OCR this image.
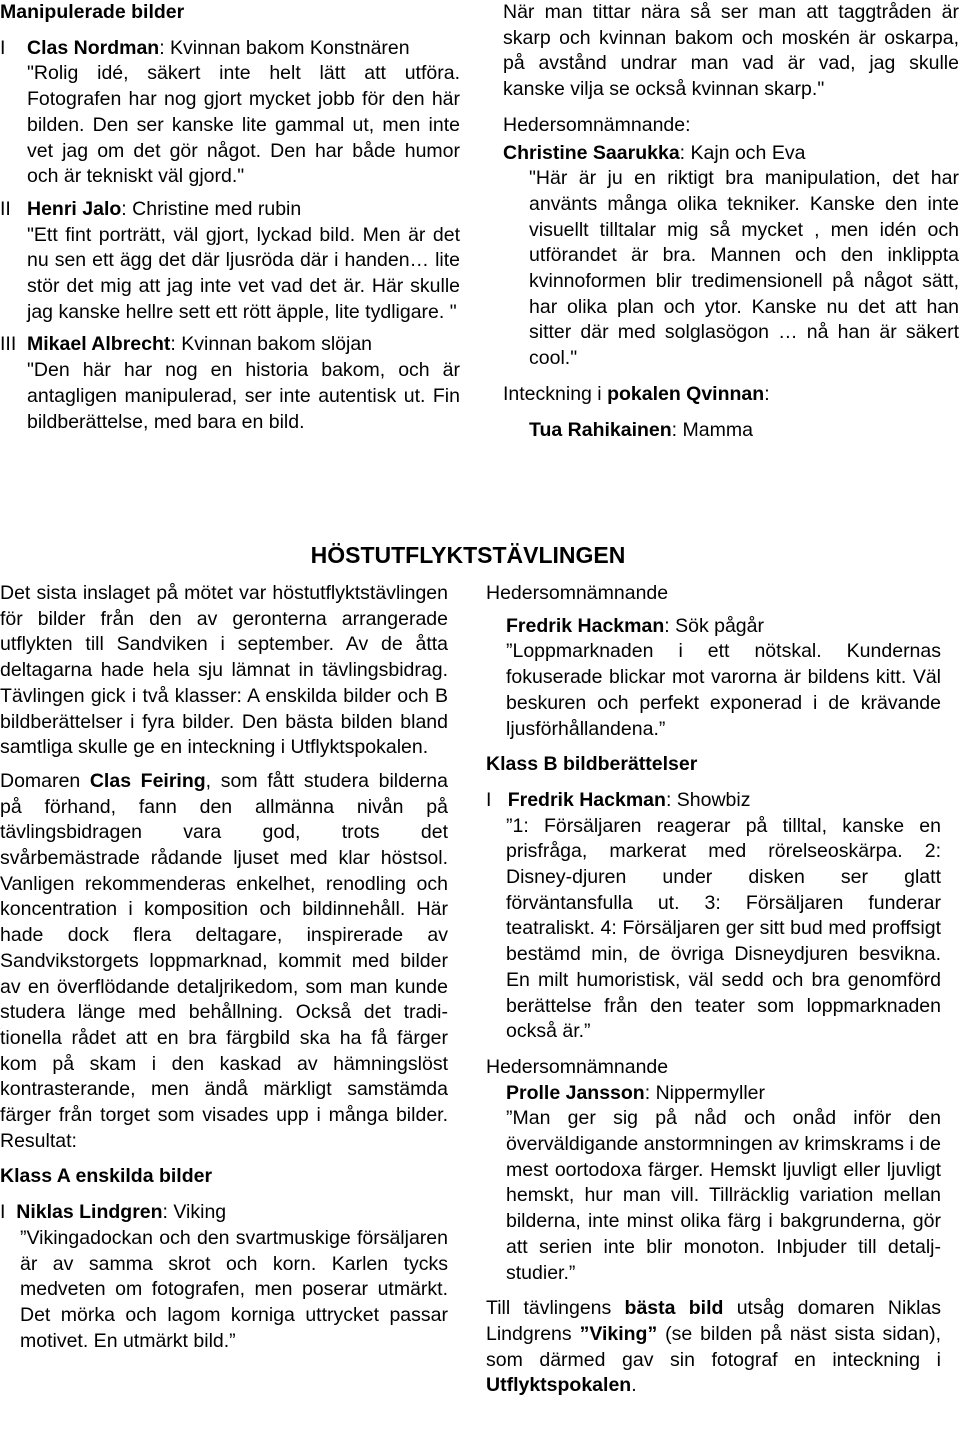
Manipulerade bilder

I Clas Nordman: Kvinnan bakom Konstnären

"Rolig idé, säkert inte helt lätt att utföra. Fotografen har nog gjort mycket jobb för den här bilden. Den ser kanske lite gammal ut, men inte vet jag om det gör något. Den har både humor och är tekniskt väl gjord."

II Henri Jalo: Christine med rubin

"Ett fint porträtt, väl gjort, lyckad bild. Men är det nu sen ett ägg det där ljusröda där i handen… lite stör det mig att jag inte vet vad det är. Här skulle jag kanske hellre sett ett rött äpple, lite tydligare. "

III Mikael Albrecht: Kvinnan bakom slöjan

"Den här har nog en historia bakom, och är antagligen manipulerad, ser inte autentisk ut. Fin bildberättelse, med bara en bild.

När man tittar nära så ser man att taggtråden är skarp och kvinnan bakom och moskén är oskarpa, på avstånd undrar man vad är vad, jag skulle kanske vilja se också kvinnan skarp."

Hedersomnämnande:

Christine Saarukka: Kajn och Eva

"Här är ju en riktigt bra manipulation, det har använts många olika tekniker. Kanske den inte visuellt tilltalar mig så mycket , men idén och utförandet är bra. Mannen och den inklippta kvinnoformen blir tredimensionell på något sätt, har olika plan och ytor. Kanske nu det att han sitter där med solglasögon … nå han är säkert cool."

Inteckning i pokalen Qvinnan:

Tua Rahikainen: Mamma

HÖSTUTFLYKTSTÄVLINGEN

Det sista inslaget på mötet var höstutflyktstävlingen för bilder från den av geronterna arrangerade utflykten till Sandviken i september. Av de åtta deltagarna hade hela sju lämnat in tävlingsbidrag. Tävlingen gick i två klasser: A enskilda bilder och B bildberättelser i fyra bilder. Den bästa bilden bland samtliga skulle ge en inteckning i Utflyktspokalen.

Domaren Clas Feiring, som fått studera bilderna på förhand, fann den allmänna nivån på tävlingsbidragen vara god, trots det svårbemästrade rådande ljuset med klar höstsol. Vanligen rekommenderas enkelhet, renodling och koncentration i komposition och bildinnehåll. Här hade dock flera deltagare, inspirerade av Sandvikstorgets loppmarknad, kommit med bilder av en överflödande detaljrikedom, som man kunde studera länge med behållning. Också det traditionella rådet att en bra färgbild ska ha få färger kom på skam i den kaskad av hämningslöst kontrasterande, men ändå märkligt samstämda färger från torget som visades upp i många bilder. Resultat:

Klass A enskilda bilder

I Niklas Lindgren: Viking

”Vikingadockan och den svartmuskige försäljaren är av samma skrot och korn. Karlen tycks medveten om fotografen, men poserar utmärkt. Det mörka och lagom korniga uttrycket passar motivet. En utmärkt bild.”

Hedersomnämnande

Fredrik Hackman: Sök pågår

”Loppmarknaden i ett nötskal. Kundernas fokuserade blickar mot varorna är bildens kitt. Väl beskuren och perfekt exponerad i de krävande ljusförhållandena.”

Klass B bildberättelser

I Fredrik Hackman: Showbiz

”1: Försäljaren reagerar på tilltal, kanske en prisfråga, markerat med rörelseoskärpa. 2: Disney-djuren under disken ser glatt förväntansfulla ut. 3: Försäljaren funderar teatraliskt. 4: Försäljaren ger sitt bud med proffsigt bestämd min, de övriga Disneydjuren besvikna. En milt humoristisk, väl sedd och bra genomförd berättelse från den teater som loppmarknaden också är.”

Hedersomnämnande

Prolle Jansson: Nippermyller

”Man ger sig på nåd och onåd inför den överväldigande anstormningen av krimskrams i de mest oortodoxa färger. Hemskt ljuvligt eller ljuvligt hemskt, hur man vill. Tillräcklig variation mellan bilderna, inte minst olika färg i bakgrunderna, gör att serien inte blir monoton. Inbjuder till detaljstudier.”

Till tävlingens bästa bild utsåg domaren Niklas Lindgrens ”Viking” (se bilden på näst sista sidan), som därmed gav sin fotograf en inteckning i Utflyktspokalen.
